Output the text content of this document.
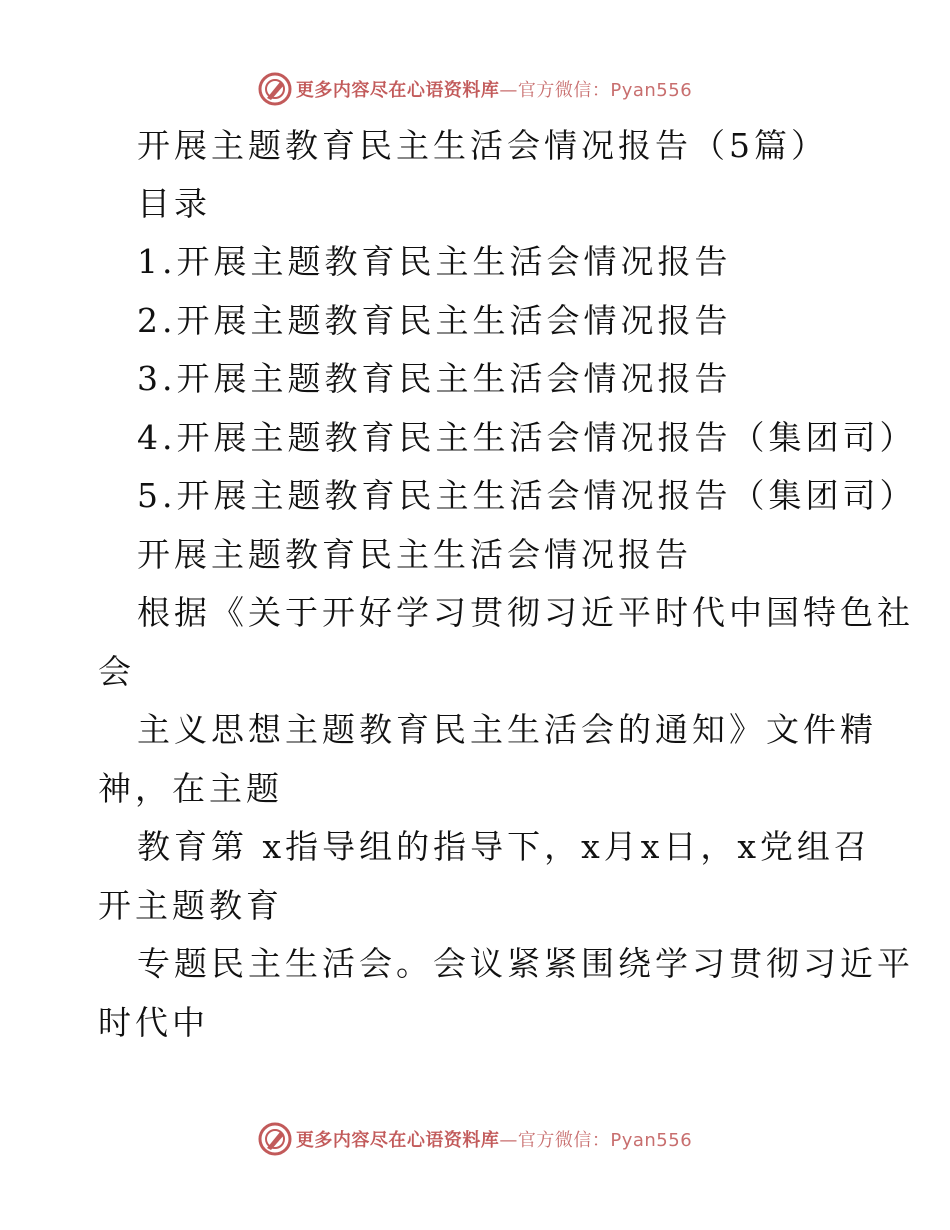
更多内容尽在心语资料库—官方微信：Pyan556
开展主题教育民主生活会情况报告（5篇）
目录
1.开展主题教育民主生活会情况报告
2.开展主题教育民主生活会情况报告
3.开展主题教育民主生活会情况报告
4.开展主题教育民主生活会情况报告（集团司）
5.开展主题教育民主生活会情况报告（集团司）
开展主题教育民主生活会情况报告
根据《关于开好学习贯彻习近平时代中国特色社
会
主义思想主题教育民主生活会的通知》文件精
神，在主题
教育第 x指导组的指导下，x月x日，x党组召
开主题教育
专题民主生活会。会议紧紧围绕学习贯彻习近平
时代中
更多内容尽在心语资料库—官方微信：Pyan556
